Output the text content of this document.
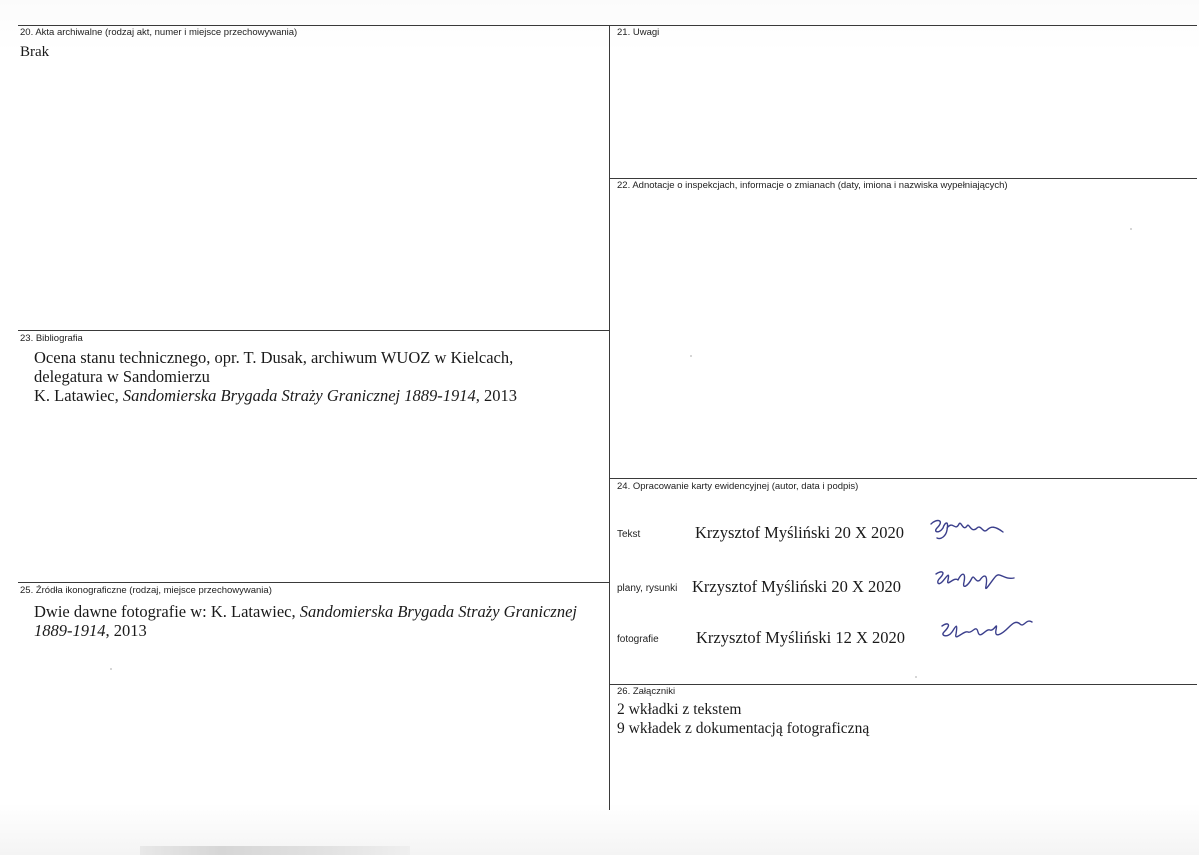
20. Akta archiwalne (rodzaj akt, numer i miejsce przechowywania)
Brak
21. Uwagi
22. Adnotacje o inspekcjach, informacje o zmianach (daty, imiona i nazwiska wypełniających)
23. Bibliografia
Ocena stanu technicznego, opr. T. Dusak, archiwum WUOZ w Kielcach,
delegatura w Sandomierzu
K. Latawiec, Sandomierska Brygada Straży Granicznej 1889-1914, 2013
24. Opracowanie karty ewidencyjnej (autor, data i podpis)
Tekst	Krzysztof Myśliński 20 X 2020
plany, rysunki Krzysztof Myśliński 20 X 2020
fotografie Krzysztof Myśliński 12 X 2020
25. Źródła ikonograficzne (rodzaj, miejsce przechowywania)
Dwie dawne fotografie w: K. Latawiec, Sandomierska Brygada Straży Granicznej
1889-1914, 2013
26. Załączniki
2 wkładki z tekstem
9 wkładek z dokumentacją fotograficzną
